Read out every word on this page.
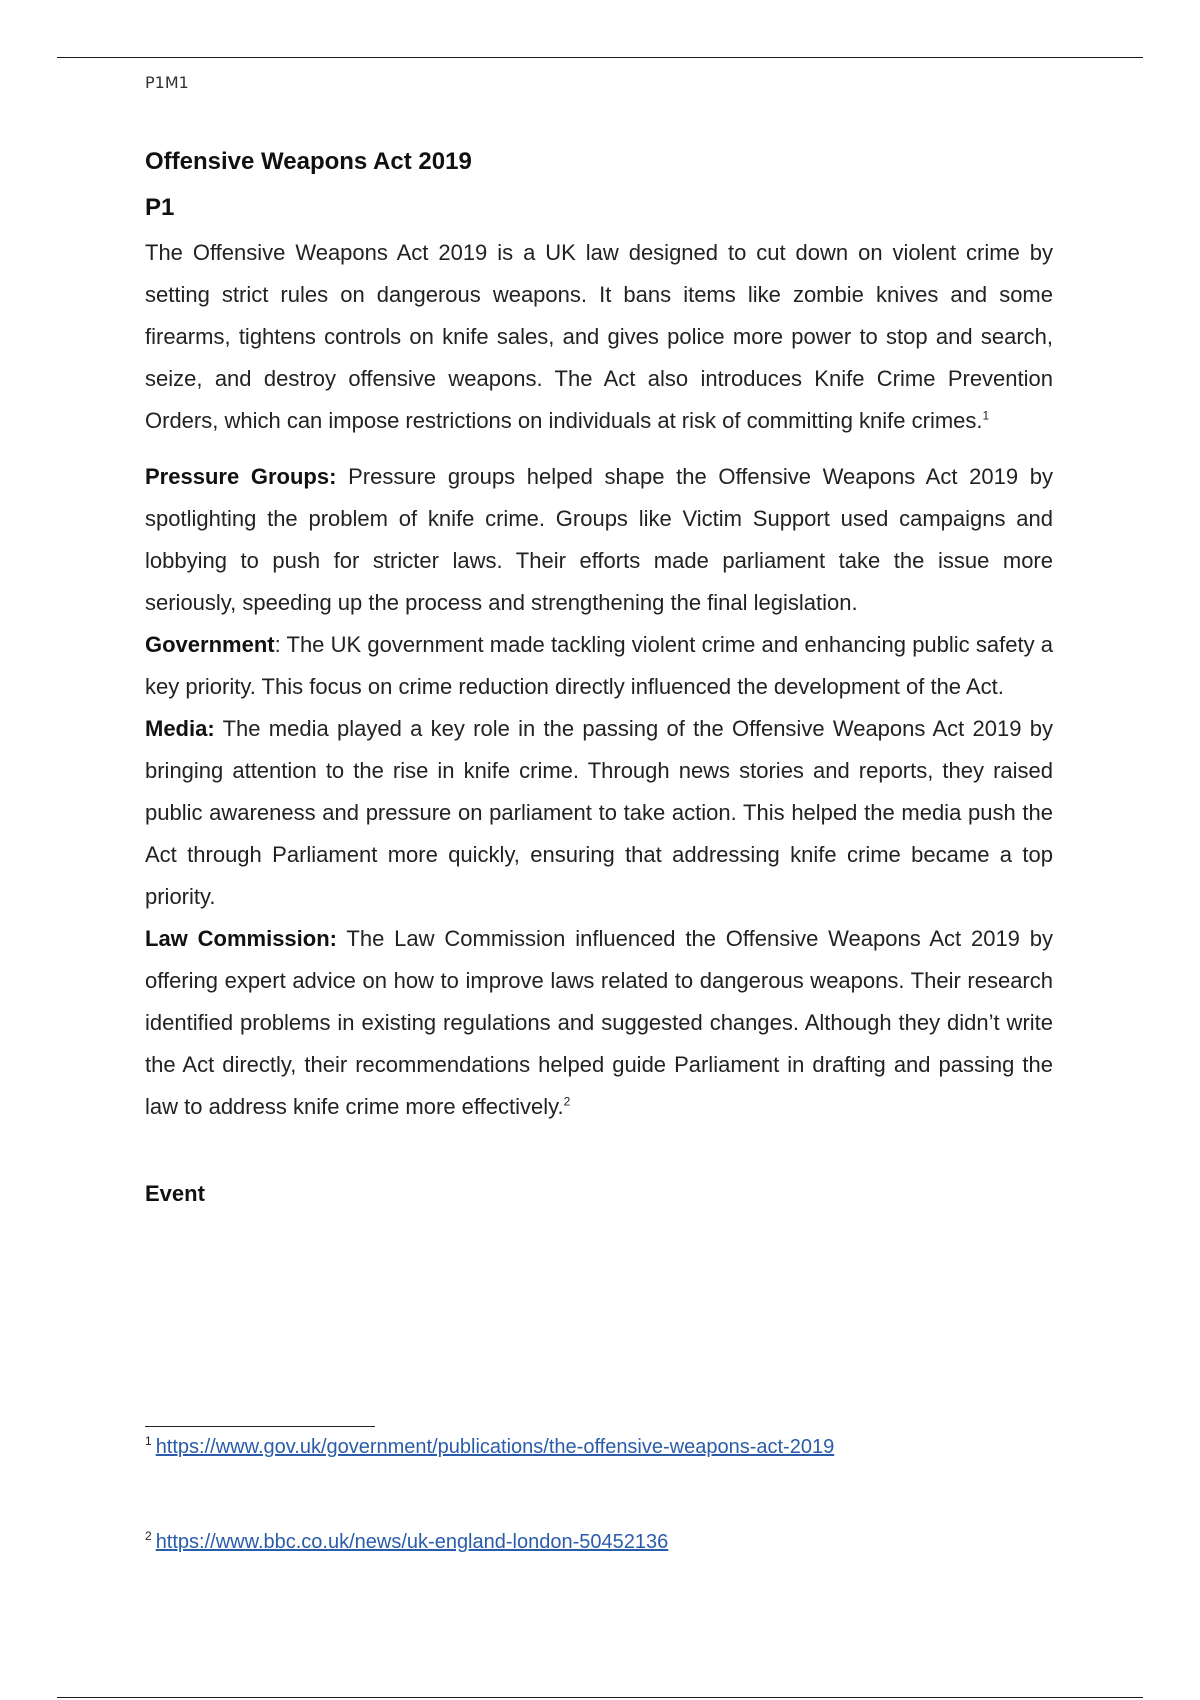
P1M1
Offensive Weapons Act 2019
P1

The Offensive Weapons Act 2019 is a UK law designed to cut down on violent crime by setting strict rules on dangerous weapons. It bans items like zombie knives and some firearms, tightens controls on knife sales, and gives police more power to stop and search, seize, and destroy offensive weapons. The Act also introduces Knife Crime Prevention Orders, which can impose restrictions on individuals at risk of committing knife crimes.$^1$

Pressure Groups: Pressure groups helped shape the Offensive Weapons Act 2019 by spotlighting the problem of knife crime. Groups like Victim Support used campaigns and lobbying to push for stricter laws. Their efforts made parliament take the issue more seriously, speeding up the process and strengthening the final legislation.

Government: The UK government made tackling violent crime and enhancing public safety a key priority. This focus on crime reduction directly influenced the development of the Act.

Media: The media played a key role in the passing of the Offensive Weapons Act 2019 by bringing attention to the rise in knife crime. Through news stories and reports, they raised public awareness and pressure on parliament to take action. This helped the media push the Act through Parliament more quickly, ensuring that addressing knife crime became a top priority.

Law Commission: The Law Commission influenced the Offensive Weapons Act 2019 by offering expert advice on how to improve laws related to dangerous weapons. Their research identified problems in existing regulations and suggested changes. Although they didn’t write the Act directly, their recommendations helped guide Parliament in drafting and passing the law to address knife crime more effectively.$^2$

Event
$^1$ https://www.gov.uk/government/publications/the-offensive-weapons-act-2019
$^2$ https://www.bbc.co.uk/news/uk-england-london-50452136
